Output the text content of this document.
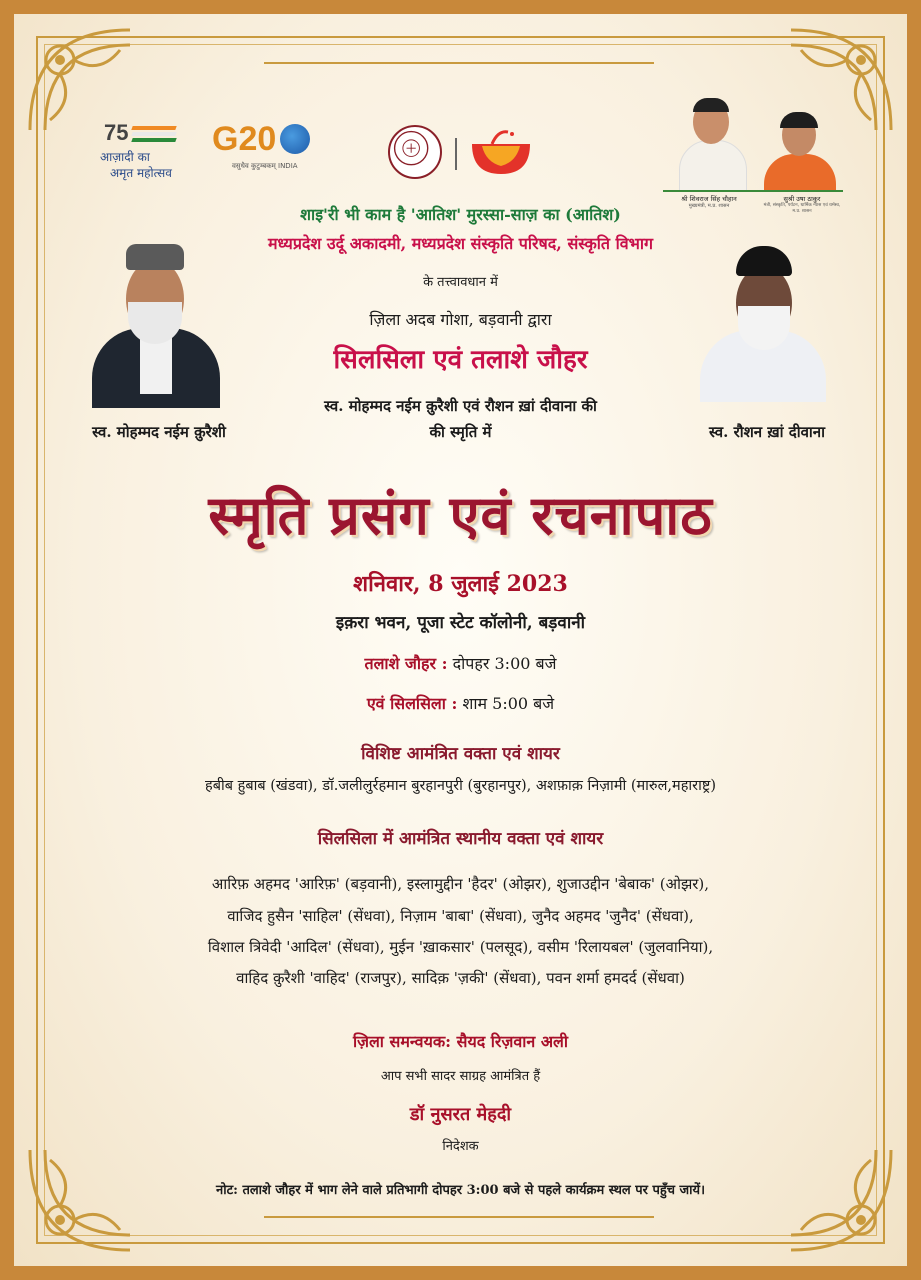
75
आज़ादी का
अमृत महोत्सव
G20
वसुधैव कुटुम्बकम् INDIA
श्री शिवराज सिंह चौहान
मुख्यमंत्री, म.प्र. शासन
सुश्री उषा ठाकुर
मंत्री, संस्कृति, पर्यटन, धार्मिक न्यास एवं धर्मस्व, म.प्र. शासन
शाइ'री भी काम है 'आतिश' मुरस्सा-साज़ का (आतिश)
मध्यप्रदेश उर्दू अकादमी, मध्यप्रदेश संस्कृति परिषद, संस्कृति विभाग
के तत्त्वावधान में
ज़िला अदब गोशा, बड़वानी द्वारा
सिलसिला एवं तलाशे जौहर
स्व. मोहम्मद नईम क़ुरैशी एवं रौशन ख़ां दीवाना की
की स्मृति में
स्व. मोहम्मद नईम क़ुरैशी	स्व. रौशन ख़ां दीवाना
स्मृति प्रसंग एवं रचनापाठ
शनिवार, 8 जुलाई 2023
इक़रा भवन, पूजा स्टेट कॉलोनी, बड़वानी
तलाशे जौहर : दोपहर 3:00 बजे
एवं सिलसिला : शाम 5:00 बजे
विशिष्ट आमंत्रित वक्ता एवं शायर
हबीब हुबाब (खंडवा), डॉ.जलीलुर्रहमान बुरहानपुरी (बुरहानपुर), अशफ़ाक़ निज़ामी (मारुल,महाराष्ट्र)
सिलसिला में आमंत्रित स्थानीय वक्ता एवं शायर
आरिफ़ अहमद 'आरिफ़' (बड़वानी), इस्लामुद्दीन 'हैदर' (ओझर), शुजाउद्दीन 'बेबाक' (ओझर),
वाजिद हुसैन 'साहिल' (सेंधवा), निज़ाम 'बाबा' (सेंधवा), जुनैद अहमद 'जुनैद' (सेंधवा),
विशाल त्रिवेदी 'आदिल' (सेंधवा), मुईन 'ख़ाकसार' (पलसूद), वसीम 'रिलायबल' (जुलवानिया),
वाहिद क़ुरैशी 'वाहिद' (राजपुर), सादिक़ 'ज़की' (सेंधवा), पवन शर्मा हमदर्द (सेंधवा)
ज़िला समन्वयक: सैयद रिज़वान अली
आप सभी सादर साग्रह आमंत्रित हैं
डॉ नुसरत मेहदी
निदेशक
नोट: तलाशे जौहर में भाग लेने वाले प्रतिभागी दोपहर 3:00 बजे से पहले कार्यक्रम स्थल पर पहुँच जायें।
